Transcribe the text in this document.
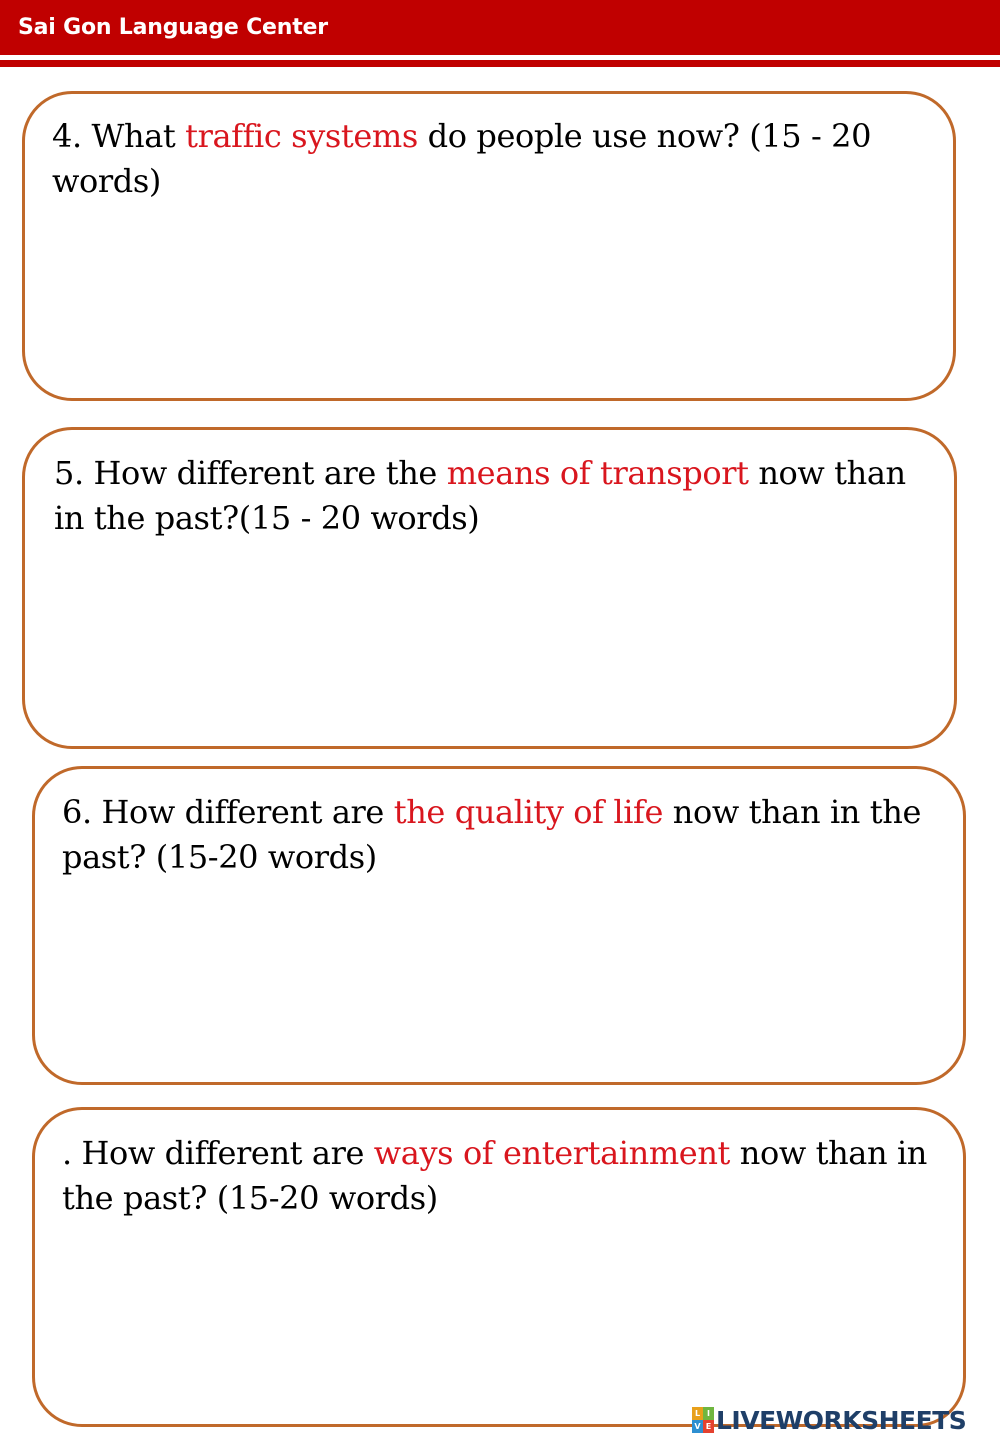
Sai Gon Language Center

4. What traffic systems do people use now? (15 - 20 words)

5. How different are the means of transport now than in the past?(15 - 20 words)

6. How different are the quality of life now than in the past? (15-20 words)

. How different are ways of entertainment now than in the past? (15-20 words)

L I
V E LIVEWORKSHEETS
